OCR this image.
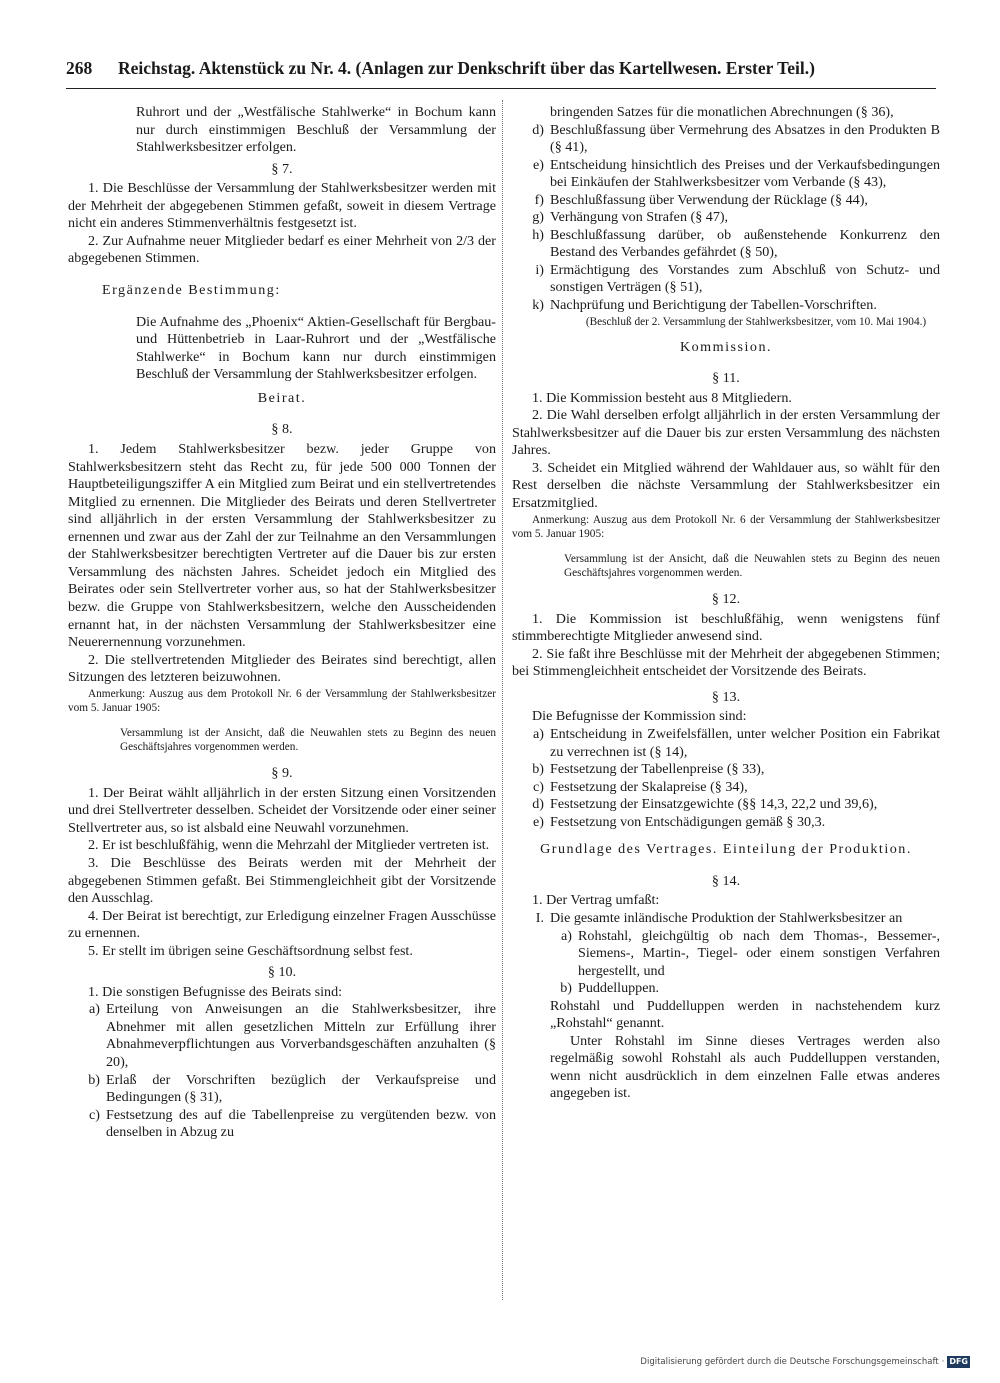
268 Reichstag. Aktenstück zu Nr. 4. (Anlagen zur Denkschrift über das Kartellwesen. Erster Teil.)

Ruhrort und der „Westfälische Stahlwerke“ in Bochum kann nur durch einstimmigen Beschluß der Versammlung der Stahlwerksbesitzer erfolgen.

§ 7.

1. Die Beschlüsse der Versammlung der Stahlwerksbesitzer werden mit der Mehrheit der abgegebenen Stimmen gefaßt, soweit in diesem Vertrage nicht ein anderes Stimmenverhältnis festgesetzt ist.

2. Zur Aufnahme neuer Mitglieder bedarf es einer Mehrheit von 2/3 der abgegebenen Stimmen.

Ergänzende Bestimmung:

Die Aufnahme des „Phoenix“ Aktien-Gesellschaft für Bergbau- und Hüttenbetrieb in Laar-Ruhrort und der „Westfälische Stahlwerke“ in Bochum kann nur durch einstimmigen Beschluß der Versammlung der Stahlwerksbesitzer erfolgen.

Beirat.

§ 8.

1. Jedem Stahlwerksbesitzer bezw. jeder Gruppe von Stahlwerksbesitzern steht das Recht zu, für jede 500 000 Tonnen der Hauptbeteiligungsziffer A ein Mitglied zum Beirat und ein stellvertretendes Mitglied zu ernennen. Die Mitglieder des Beirats und deren Stellvertreter sind alljährlich in der ersten Versammlung der Stahlwerksbesitzer zu ernennen und zwar aus der Zahl der zur Teilnahme an den Versammlungen der Stahlwerksbesitzer berechtigten Vertreter auf die Dauer bis zur ersten Versammlung des nächsten Jahres. Scheidet jedoch ein Mitglied des Beirates oder sein Stellvertreter vorher aus, so hat der Stahlwerksbesitzer bezw. die Gruppe von Stahlwerksbesitzern, welche den Ausscheidenden ernannt hat, in der nächsten Versammlung der Stahlwerksbesitzer eine Neuerernennung vorzunehmen.

2. Die stellvertretenden Mitglieder des Beirates sind berechtigt, allen Sitzungen des letzteren beizuwohnen.

Anmerkung: Auszug aus dem Protokoll Nr. 6 der Versammlung der Stahlwerksbesitzer vom 5. Januar 1905:

Versammlung ist der Ansicht, daß die Neuwahlen stets zu Beginn des neuen Geschäftsjahres vorgenommen werden.

§ 9.

1. Der Beirat wählt alljährlich in der ersten Sitzung einen Vorsitzenden und drei Stellvertreter desselben. Scheidet der Vorsitzende oder einer seiner Stellvertreter aus, so ist alsbald eine Neuwahl vorzunehmen.

2. Er ist beschlußfähig, wenn die Mehrzahl der Mitglieder vertreten ist.

3. Die Beschlüsse des Beirats werden mit der Mehrheit der abgegebenen Stimmen gefaßt. Bei Stimmengleichheit gibt der Vorsitzende den Ausschlag.

4. Der Beirat ist berechtigt, zur Erledigung einzelner Fragen Ausschüsse zu ernennen.

5. Er stellt im übrigen seine Geschäftsordnung selbst fest.

§ 10.

1. Die sonstigen Befugnisse des Beirats sind:

a) Erteilung von Anweisungen an die Stahlwerksbesitzer, ihre Abnehmer mit allen gesetzlichen Mitteln zur Erfüllung ihrer Abnahmeverpflichtungen aus Vorverbandsgeschäften anzuhalten (§ 20),
b) Erlaß der Vorschriften bezüglich der Verkaufspreise und Bedingungen (§ 31),
c) Festsetzung des auf die Tabellenpreise zu vergütenden bezw. von denselben in Abzug zu
bringenden Satzes für die monatlichen Abrechnungen (§ 36),
d) Beschlußfassung über Vermehrung des Absatzes in den Produkten B (§ 41),
e) Entscheidung hinsichtlich des Preises und der Verkaufsbedingungen bei Einkäufen der Stahlwerksbesitzer vom Verbande (§ 43),
f) Beschlußfassung über Verwendung der Rücklage (§ 44),
g) Verhängung von Strafen (§ 47),
h) Beschlußfassung darüber, ob außenstehende Konkurrenz den Bestand des Verbandes gefährdet (§ 50),
i) Ermächtigung des Vorstandes zum Abschluß von Schutz- und sonstigen Verträgen (§ 51),
k) Nachprüfung und Berichtigung der Tabellen-Vorschriften.

(Beschluß der 2. Versammlung der Stahlwerksbesitzer, vom 10. Mai 1904.)

Kommission.

§ 11.

1. Die Kommission besteht aus 8 Mitgliedern.

2. Die Wahl derselben erfolgt alljährlich in der ersten Versammlung der Stahlwerksbesitzer auf die Dauer bis zur ersten Versammlung des nächsten Jahres.

3. Scheidet ein Mitglied während der Wahldauer aus, so wählt für den Rest derselben die nächste Versammlung der Stahlwerksbesitzer ein Ersatzmitglied.

Anmerkung: Auszug aus dem Protokoll Nr. 6 der Versammlung der Stahlwerksbesitzer vom 5. Januar 1905:

Versammlung ist der Ansicht, daß die Neuwahlen stets zu Beginn des neuen Geschäftsjahres vorgenommen werden.

§ 12.

1. Die Kommission ist beschlußfähig, wenn wenigstens fünf stimmberechtigte Mitglieder anwesend sind.

2. Sie faßt ihre Beschlüsse mit der Mehrheit der abgegebenen Stimmen; bei Stimmengleichheit entscheidet der Vorsitzende des Beirats.

§ 13.

Die Befugnisse der Kommission sind:

a) Entscheidung in Zweifelsfällen, unter welcher Position ein Fabrikat zu verrechnen ist (§ 14),
b) Festsetzung der Tabellenpreise (§ 33),
c) Festsetzung der Skalapreise (§ 34),
d) Festsetzung der Einsatzgewichte (§§ 14,3, 22,2 und 39,6),
e) Festsetzung von Entschädigungen gemäß § 30,3.

Grundlage des Vertrages. Einteilung der Produktion.

§ 14.

1. Der Vertrag umfaßt:

I. Die gesamte inländische Produktion der Stahlwerksbesitzer an
a) Rohstahl, gleichgültig ob nach dem Thomas-, Bessemer-, Siemens-, Martin-, Tiegel- oder einem sonstigen Verfahren hergestellt, und
b) Puddelluppen.

Rohstahl und Puddelluppen werden in nachstehendem kurz „Rohstahl“ genannt.

Unter Rohstahl im Sinne dieses Vertrages werden also regelmäßig sowohl Rohstahl als auch Puddelluppen verstanden, wenn nicht ausdrücklich in dem einzelnen Falle etwas anderes angegeben ist.

Digitalisierung gefördert durch die Deutsche Forschungsgemeinschaft · DFG
